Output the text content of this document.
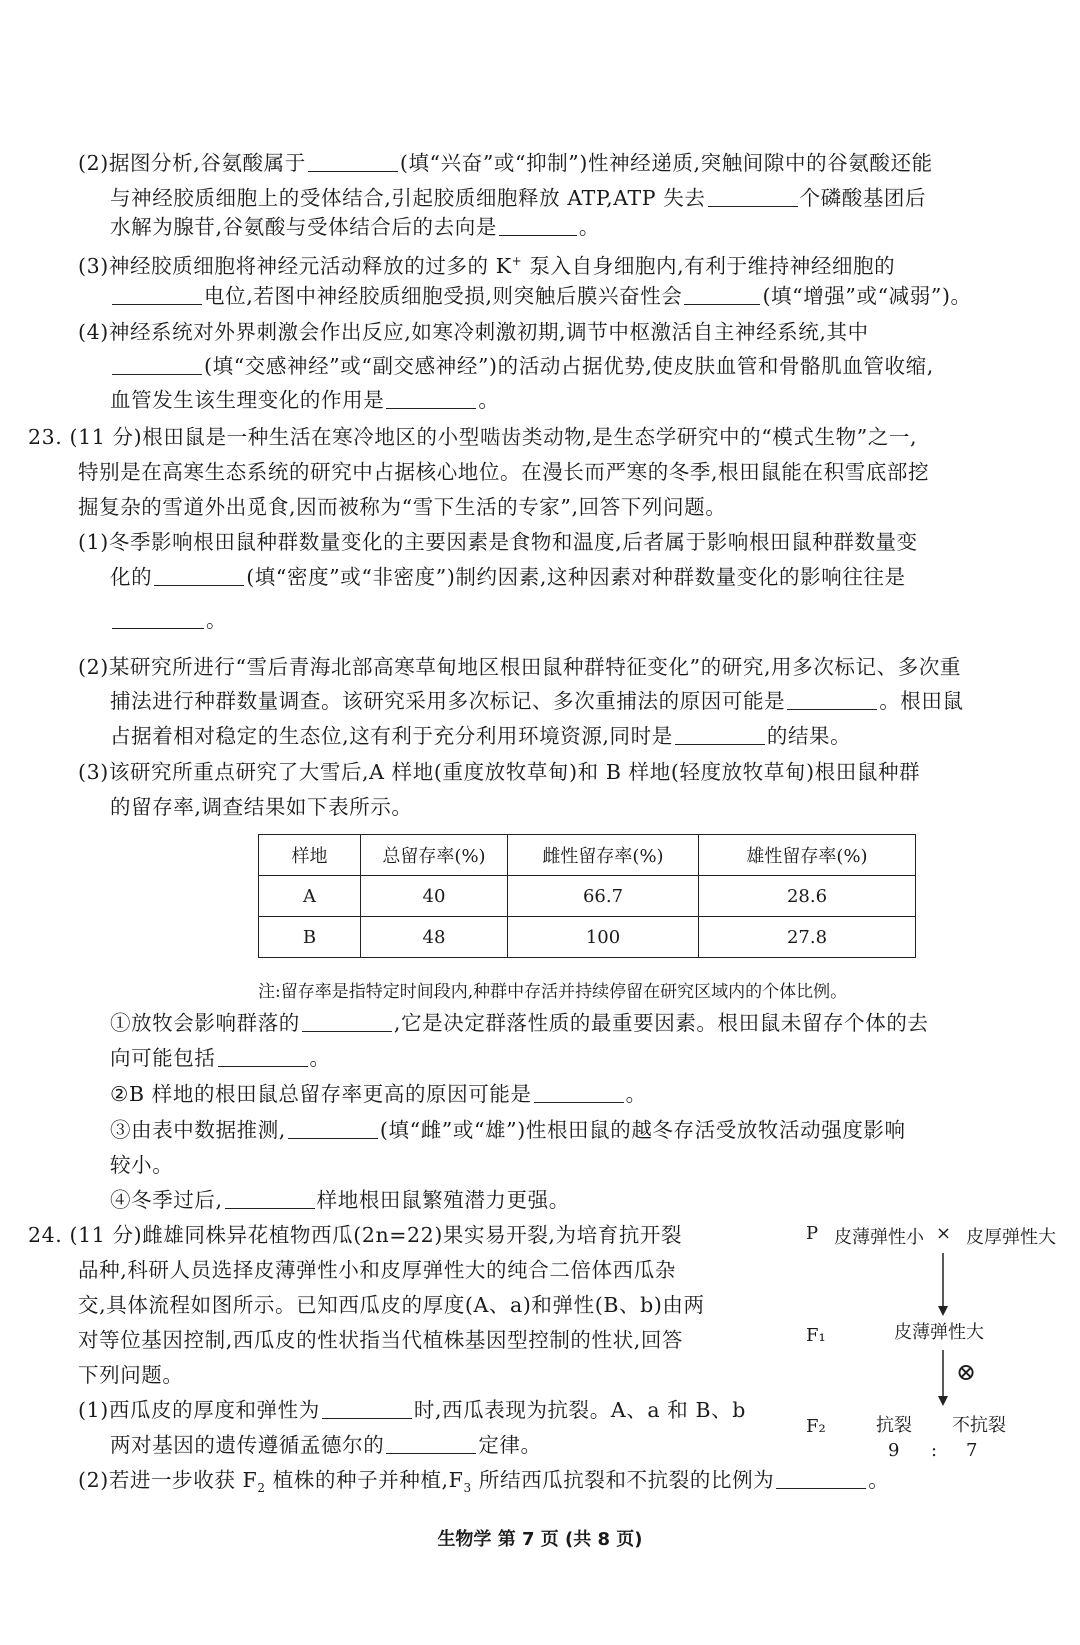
(2)据图分析,谷氨酸属于	(填“兴奋”或“抑制”)性神经递质,突触间隙中的谷氨酸还能
与神经胶质细胞上的受体结合,引起胶质细胞释放 ATP,ATP 失去	个磷酸基团后
水解为腺苷,谷氨酸与受体结合后的去向是	。
(3)神经胶质细胞将神经元活动释放的过多的 K+ 泵入自身细胞内,有利于维持神经细胞的
电位,若图中神经胶质细胞受损,则突触后膜兴奋性会	(填“增强”或“减弱”)。
(4)神经系统对外界刺激会作出反应,如寒冷刺激初期,调节中枢激活自主神经系统,其中
(填“交感神经”或“副交感神经”)的活动占据优势,使皮肤血管和骨骼肌血管收缩,
血管发生该生理变化的作用是	。
23. (11 分)根田鼠是一种生活在寒冷地区的小型啮齿类动物,是生态学研究中的“模式生物”之一,
特别是在高寒生态系统的研究中占据核心地位。在漫长而严寒的冬季,根田鼠能在积雪底部挖
掘复杂的雪道外出觅食,因而被称为“雪下生活的专家”,回答下列问题。
(1)冬季影响根田鼠种群数量变化的主要因素是食物和温度,后者属于影响根田鼠种群数量变
化的	(填“密度”或“非密度”)制约因素,这种因素对种群数量变化的影响往往是
。
(2)某研究所进行“雪后青海北部高寒草甸地区根田鼠种群特征变化”的研究,用多次标记、多次重
捕法进行种群数量调查。该研究采用多次标记、多次重捕法的原因可能是	。根田鼠
占据着相对稳定的生态位,这有利于充分利用环境资源,同时是	的结果。
(3)该研究所重点研究了大雪后,A 样地(重度放牧草甸)和 B 样地(轻度放牧草甸)根田鼠种群
的留存率,调查结果如下表所示。
样地	总留存率(%)	雌性留存率(%)	雄性留存率(%)
A	40	66.7	28.6
B	48	100	27.8
注:留存率是指特定时间段内,种群中存活并持续停留在研究区域内的个体比例。
①放牧会影响群落的	,它是决定群落性质的最重要因素。根田鼠未留存个体的去
向可能包括	。
②B 样地的根田鼠总留存率更高的原因可能是	。
③由表中数据推测,	(填“雌”或“雄”)性根田鼠的越冬存活受放牧活动强度影响
较小。
④冬季过后,	样地根田鼠繁殖潜力更强。
24. (11 分)雌雄同株异花植物西瓜(2n=22)果实易开裂,为培育抗开裂
品种,科研人员选择皮薄弹性小和皮厚弹性大的纯合二倍体西瓜杂
交,具体流程如图所示。已知西瓜皮的厚度(A、a)和弹性(B、b)由两
对等位基因控制,西瓜皮的性状指当代植株基因型控制的性状,回答
下列问题。
(1)西瓜皮的厚度和弹性为	时,西瓜表现为抗裂。A、a 和 B、b
两对基因的遗传遵循孟德尔的	定律。
(2)若进一步收获 $F_2$ 植株的种子并种植$,F_3$ 所结西瓜抗裂和不抗裂的比例为	。
P 皮薄弹性小 × 皮厚弹性大
F₁	皮薄弹性大
⊗
F₂	抗裂 不抗裂
9 : 7
生物学 第 7 页 (共 8 页)
